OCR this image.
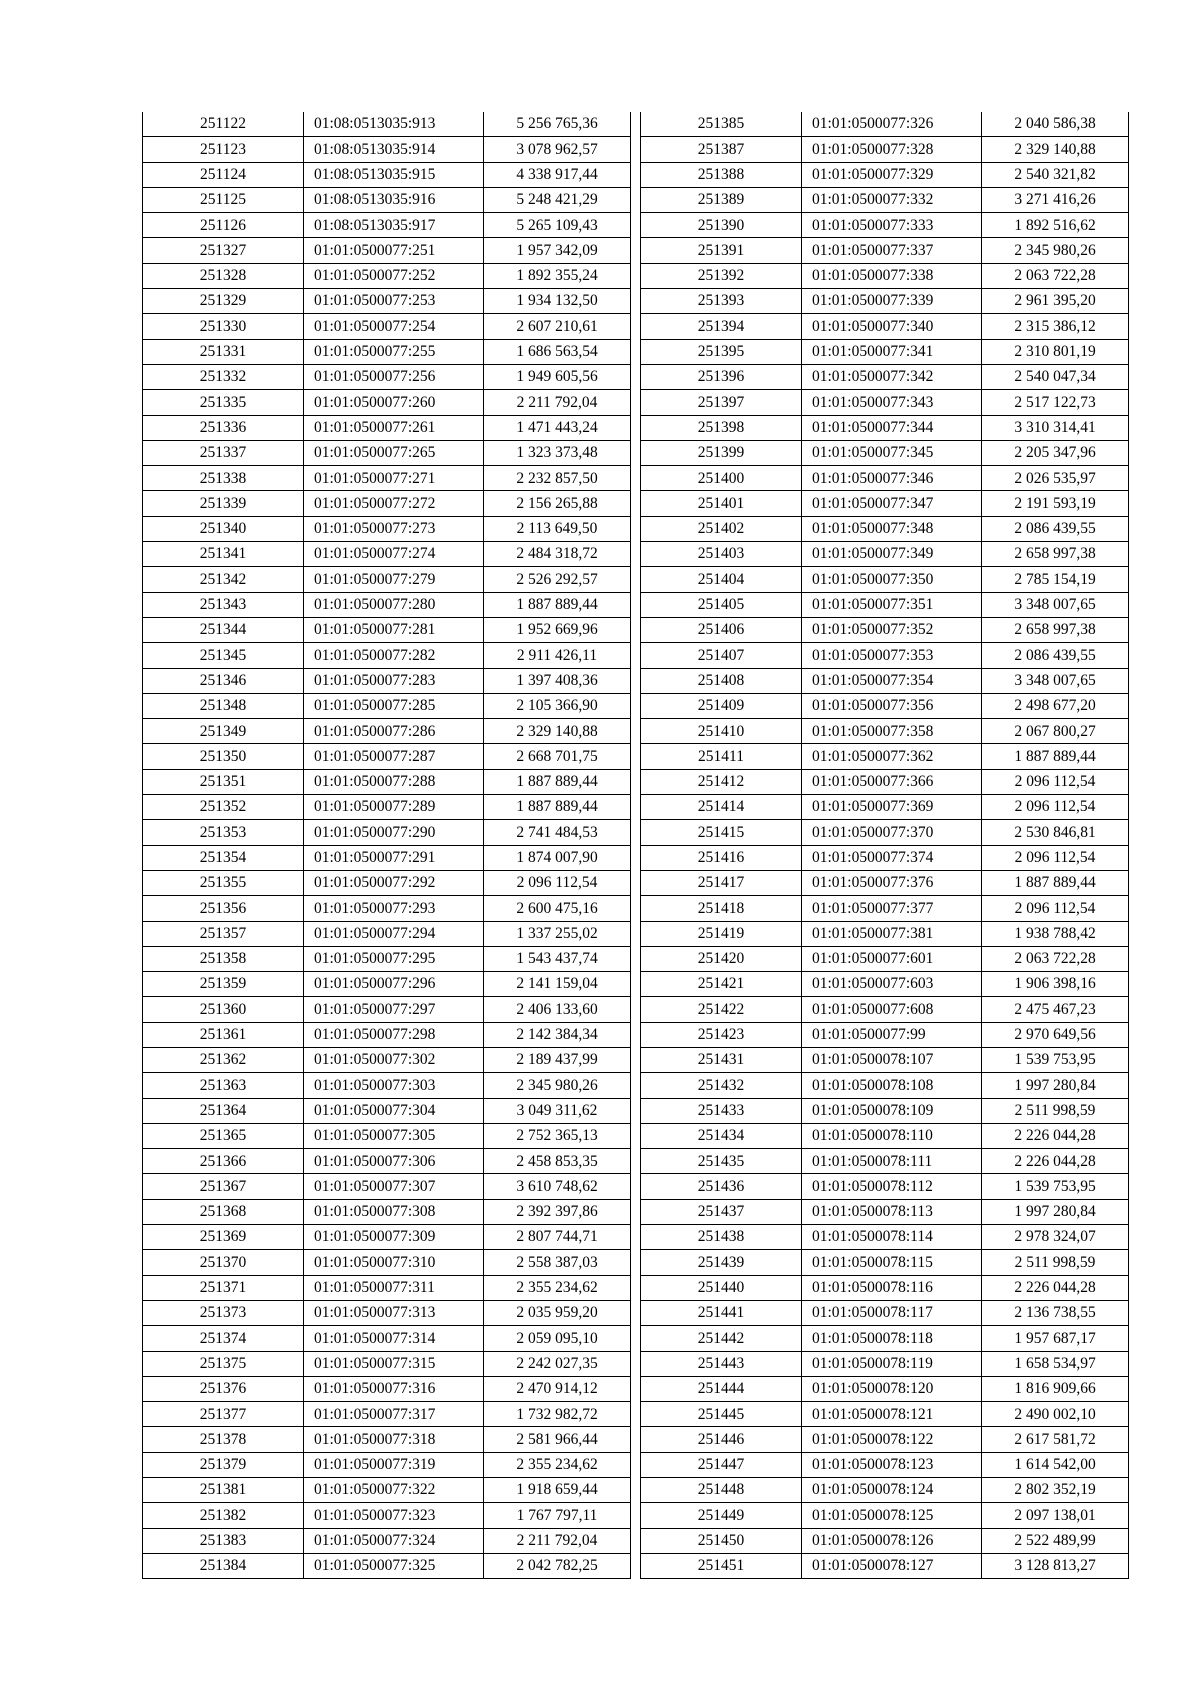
251122	01:08:0513035:913	5 256 765,36
251123	01:08:0513035:914	3 078 962,57
251124	01:08:0513035:915	4 338 917,44
251125	01:08:0513035:916	5 248 421,29
251126	01:08:0513035:917	5 265 109,43
251327	01:01:0500077:251	1 957 342,09
251328	01:01:0500077:252	1 892 355,24
251329	01:01:0500077:253	1 934 132,50
251330	01:01:0500077:254	2 607 210,61
251331	01:01:0500077:255	1 686 563,54
251332	01:01:0500077:256	1 949 605,56
251335	01:01:0500077:260	2 211 792,04
251336	01:01:0500077:261	1 471 443,24
251337	01:01:0500077:265	1 323 373,48
251338	01:01:0500077:271	2 232 857,50
251339	01:01:0500077:272	2 156 265,88
251340	01:01:0500077:273	2 113 649,50
251341	01:01:0500077:274	2 484 318,72
251342	01:01:0500077:279	2 526 292,57
251343	01:01:0500077:280	1 887 889,44
251344	01:01:0500077:281	1 952 669,96
251345	01:01:0500077:282	2 911 426,11
251346	01:01:0500077:283	1 397 408,36
251348	01:01:0500077:285	2 105 366,90
251349	01:01:0500077:286	2 329 140,88
251350	01:01:0500077:287	2 668 701,75
251351	01:01:0500077:288	1 887 889,44
251352	01:01:0500077:289	1 887 889,44
251353	01:01:0500077:290	2 741 484,53
251354	01:01:0500077:291	1 874 007,90
251355	01:01:0500077:292	2 096 112,54
251356	01:01:0500077:293	2 600 475,16
251357	01:01:0500077:294	1 337 255,02
251358	01:01:0500077:295	1 543 437,74
251359	01:01:0500077:296	2 141 159,04
251360	01:01:0500077:297	2 406 133,60
251361	01:01:0500077:298	2 142 384,34
251362	01:01:0500077:302	2 189 437,99
251363	01:01:0500077:303	2 345 980,26
251364	01:01:0500077:304	3 049 311,62
251365	01:01:0500077:305	2 752 365,13
251366	01:01:0500077:306	2 458 853,35
251367	01:01:0500077:307	3 610 748,62
251368	01:01:0500077:308	2 392 397,86
251369	01:01:0500077:309	2 807 744,71
251370	01:01:0500077:310	2 558 387,03
251371	01:01:0500077:311	2 355 234,62
251373	01:01:0500077:313	2 035 959,20
251374	01:01:0500077:314	2 059 095,10
251375	01:01:0500077:315	2 242 027,35
251376	01:01:0500077:316	2 470 914,12
251377	01:01:0500077:317	1 732 982,72
251378	01:01:0500077:318	2 581 966,44
251379	01:01:0500077:319	2 355 234,62
251381	01:01:0500077:322	1 918 659,44
251382	01:01:0500077:323	1 767 797,11
251383	01:01:0500077:324	2 211 792,04
251384	01:01:0500077:325	2 042 782,25
251385	01:01:0500077:326	2 040 586,38
251387	01:01:0500077:328	2 329 140,88
251388	01:01:0500077:329	2 540 321,82
251389	01:01:0500077:332	3 271 416,26
251390	01:01:0500077:333	1 892 516,62
251391	01:01:0500077:337	2 345 980,26
251392	01:01:0500077:338	2 063 722,28
251393	01:01:0500077:339	2 961 395,20
251394	01:01:0500077:340	2 315 386,12
251395	01:01:0500077:341	2 310 801,19
251396	01:01:0500077:342	2 540 047,34
251397	01:01:0500077:343	2 517 122,73
251398	01:01:0500077:344	3 310 314,41
251399	01:01:0500077:345	2 205 347,96
251400	01:01:0500077:346	2 026 535,97
251401	01:01:0500077:347	2 191 593,19
251402	01:01:0500077:348	2 086 439,55
251403	01:01:0500077:349	2 658 997,38
251404	01:01:0500077:350	2 785 154,19
251405	01:01:0500077:351	3 348 007,65
251406	01:01:0500077:352	2 658 997,38
251407	01:01:0500077:353	2 086 439,55
251408	01:01:0500077:354	3 348 007,65
251409	01:01:0500077:356	2 498 677,20
251410	01:01:0500077:358	2 067 800,27
251411	01:01:0500077:362	1 887 889,44
251412	01:01:0500077:366	2 096 112,54
251414	01:01:0500077:369	2 096 112,54
251415	01:01:0500077:370	2 530 846,81
251416	01:01:0500077:374	2 096 112,54
251417	01:01:0500077:376	1 887 889,44
251418	01:01:0500077:377	2 096 112,54
251419	01:01:0500077:381	1 938 788,42
251420	01:01:0500077:601	2 063 722,28
251421	01:01:0500077:603	1 906 398,16
251422	01:01:0500077:608	2 475 467,23
251423	01:01:0500077:99	2 970 649,56
251431	01:01:0500078:107	1 539 753,95
251432	01:01:0500078:108	1 997 280,84
251433	01:01:0500078:109	2 511 998,59
251434	01:01:0500078:110	2 226 044,28
251435	01:01:0500078:111	2 226 044,28
251436	01:01:0500078:112	1 539 753,95
251437	01:01:0500078:113	1 997 280,84
251438	01:01:0500078:114	2 978 324,07
251439	01:01:0500078:115	2 511 998,59
251440	01:01:0500078:116	2 226 044,28
251441	01:01:0500078:117	2 136 738,55
251442	01:01:0500078:118	1 957 687,17
251443	01:01:0500078:119	1 658 534,97
251444	01:01:0500078:120	1 816 909,66
251445	01:01:0500078:121	2 490 002,10
251446	01:01:0500078:122	2 617 581,72
251447	01:01:0500078:123	1 614 542,00
251448	01:01:0500078:124	2 802 352,19
251449	01:01:0500078:125	2 097 138,01
251450	01:01:0500078:126	2 522 489,99
251451	01:01:0500078:127	3 128 813,27
